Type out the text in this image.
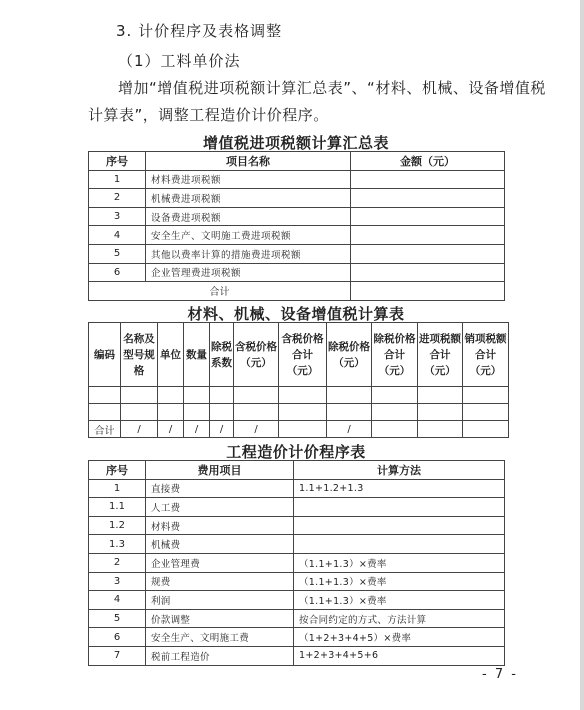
3. 计价程序及表格调整
（1）工料单价法
增加“增值税进项税额计算汇总表”、“材料、机械、设备增值税计算表”，调整工程造价计价程序。
增值税进项税额计算汇总表
序号	项目名称	金额（元）
1	材料费进项税额	
2	机械费进项税额	
3	设备费进项税额	
4	安全生产、文明施工费进项税额	
5	其他以费率计算的措施费进项税额	
6	企业管理费进项税额	
合计		
材料、机械、设备增值税计算表
编码	名称及型号规格	单位	数量	除税系数	含税价格（元）	含税价格合计（元）	除税价格（元）	除税价格合计（元）	进项税额合计（元）	销项税额合计（元）

合计	/	/	/	/	/		/			
工程造价计价程序表
序号	费用项目	计算方法
1	直接费	1.1+1.2+1.3
1.1	人工费	
1.2	材料费	
1.3	机械费	
2	企业管理费	（1.1+1.3）×费率
3	规费	（1.1+1.3）×费率
4	利润	（1.1+1.3）×费率
5	价款调整	按合同约定的方式、方法计算
6	安全生产、文明施工费	（1+2+3+4+5）×费率
7	税前工程造价	1+2+3+4+5+6
- 7 -
